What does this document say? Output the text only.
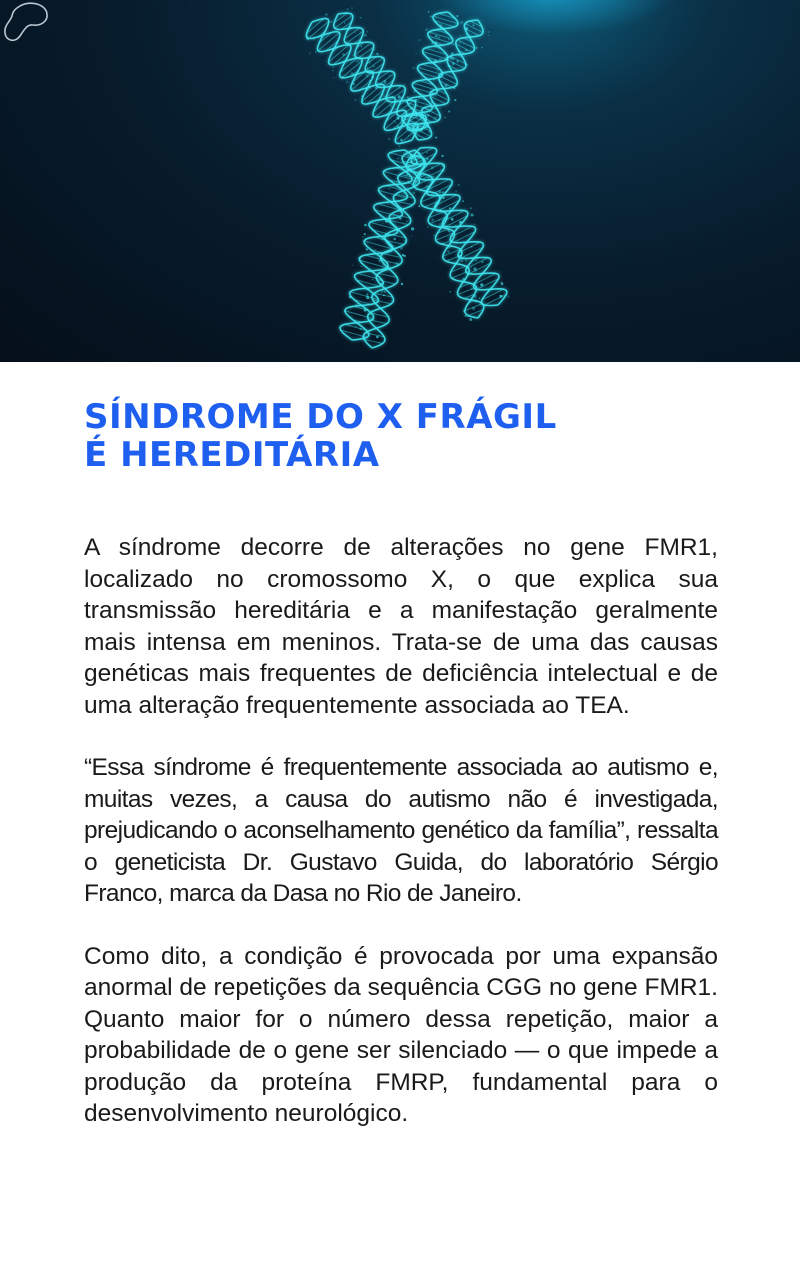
SÍNDROME DO X FRÁGIL
É HEREDITÁRIA

A síndrome decorre de alterações no gene FMR1, localizado no cromossomo X, o que explica sua transmissão hereditária e a manifestação geralmente mais intensa em meninos. Trata-se de uma das causas genéticas mais frequentes de deficiência intelectual e de uma alteração frequentemente associada ao TEA.

“Essa síndrome é frequentemente associada ao autismo e, muitas vezes, a causa do autismo não é investigada, prejudicando o aconselhamento genético da família”, ressalta o geneticista Dr. Gustavo Guida, do laboratório Sérgio Franco, marca da Dasa no Rio de Janeiro.

Como dito, a condição é provocada por uma expansão anormal de repetições da sequência CGG no gene FMR1. Quanto maior for o número dessa repetição, maior a probabilidade de o gene ser silenciado — o que impede a produção da proteína FMRP, fundamental para o desenvolvimento neurológico.
